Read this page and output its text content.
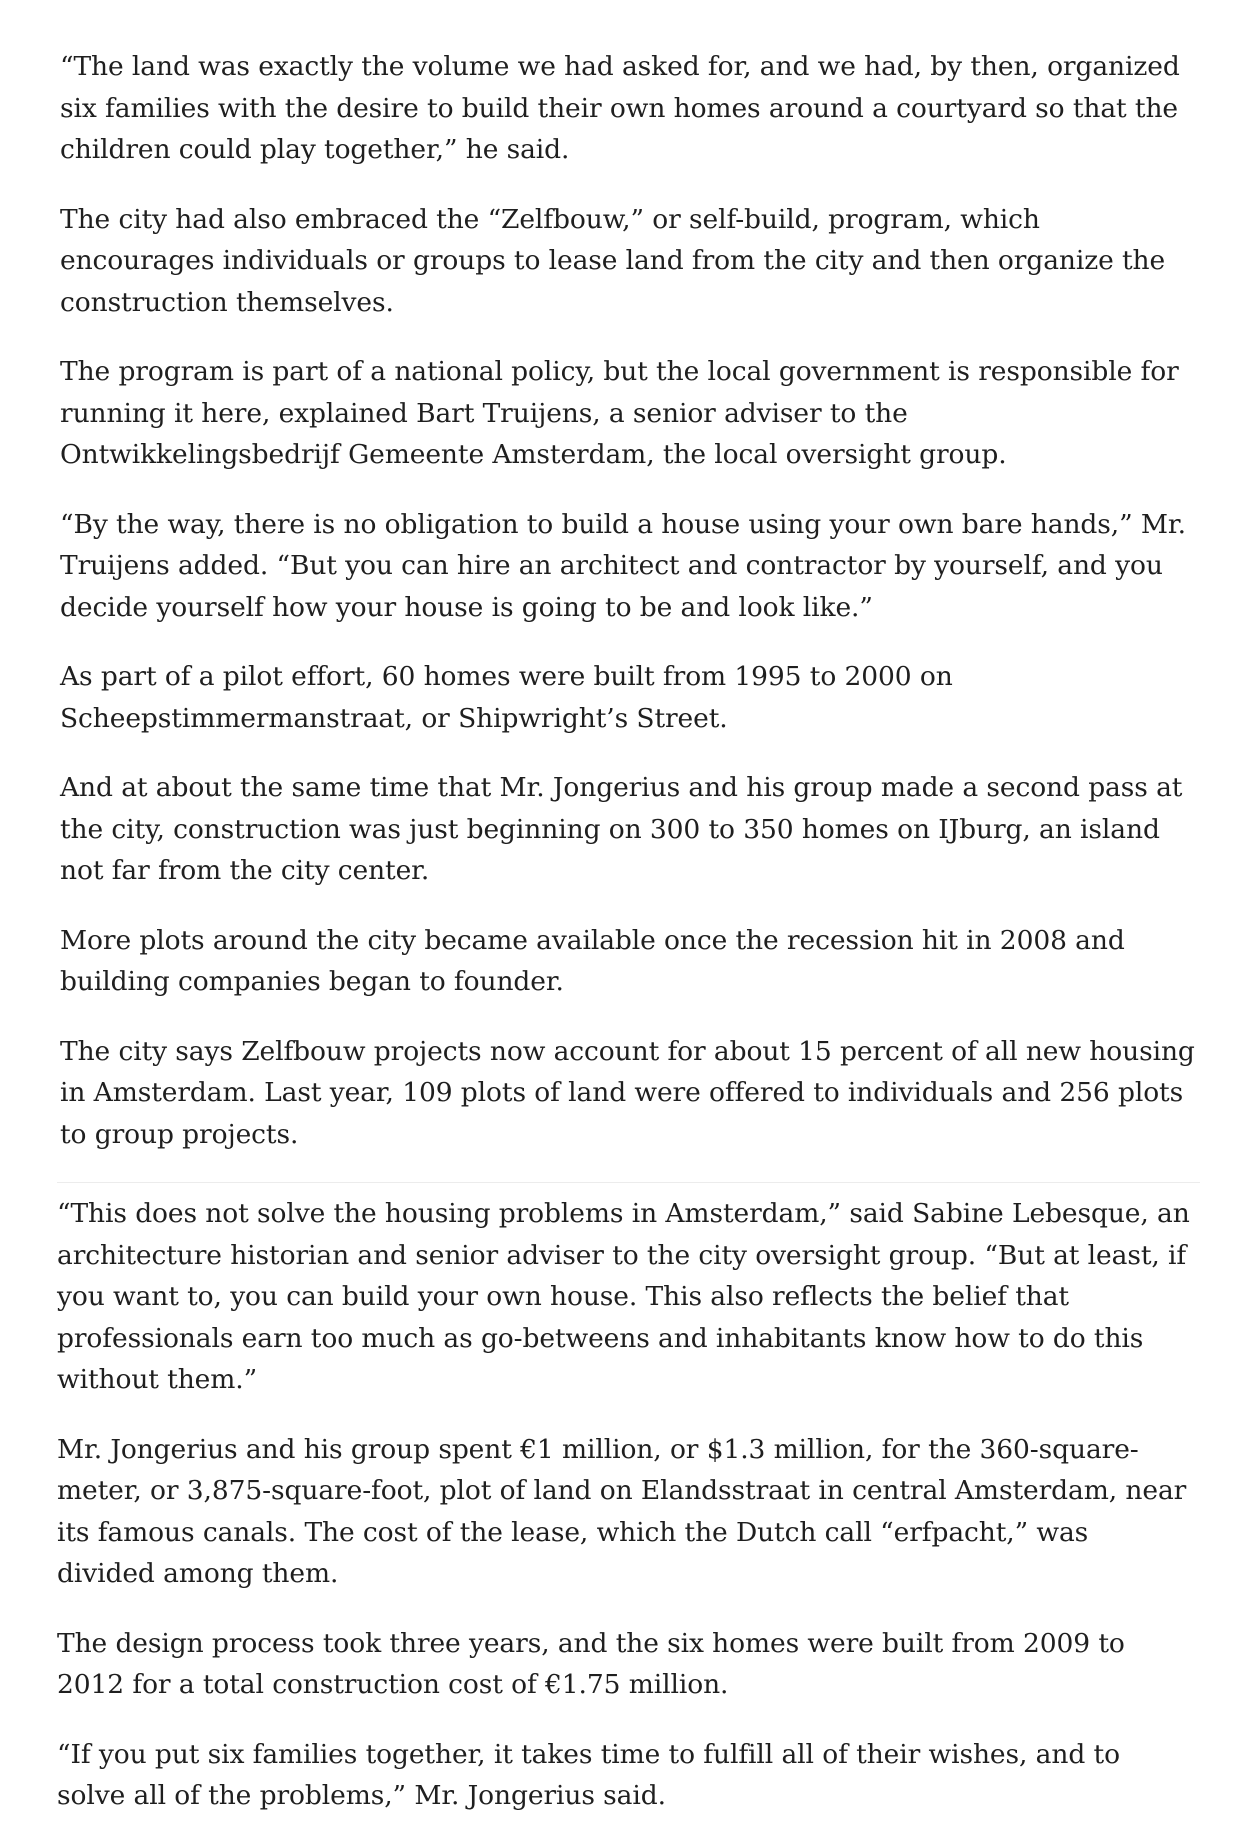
“The land was exactly the volume we had asked for, and we had, by then, organized six families with the desire to build their own homes around a courtyard so that the children could play together,” he said.

The city had also embraced the “Zelfbouw,” or self-build, program, which encourages individuals or groups to lease land from the city and then organize the construction themselves.

The program is part of a national policy, but the local government is responsible for running it here, explained Bart Truijens, a senior adviser to the Ontwikkelingsbedrijf Gemeente Amsterdam, the local oversight group.

“By the way, there is no obligation to build a house using your own bare hands,” Mr. Truijens added. “But you can hire an architect and contractor by yourself, and you decide yourself how your house is going to be and look like.”

As part of a pilot effort, 60 homes were built from 1995 to 2000 on Scheepstimmermanstraat, or Shipwright’s Street.

And at about the same time that Mr. Jongerius and his group made a second pass at the city, construction was just beginning on 300 to 350 homes on IJburg, an island not far from the city center.

More plots around the city became available once the recession hit in 2008 and building companies began to founder.

The city says Zelfbouw projects now account for about 15 percent of all new housing in Amsterdam. Last year, 109 plots of land were offered to individuals and 256 plots to group projects.

“This does not solve the housing problems in Amsterdam,” said Sabine Lebesque, an architecture historian and senior adviser to the city oversight group. “But at least, if you want to, you can build your own house. This also reflects the belief that professionals earn too much as go-betweens and inhabitants know how to do this without them.”

Mr. Jongerius and his group spent €1 million, or $1.3 million, for the 360-square-meter, or 3,875-square-foot, plot of land on Elandsstraat in central Amsterdam, near its famous canals. The cost of the lease, which the Dutch call “erfpacht,” was divided among them.

The design process took three years, and the six homes were built from 2009 to 2012 for a total construction cost of €1.75 million.

“If you put six families together, it takes time to fulfill all of their wishes, and to solve all of the problems,” Mr. Jongerius said.
